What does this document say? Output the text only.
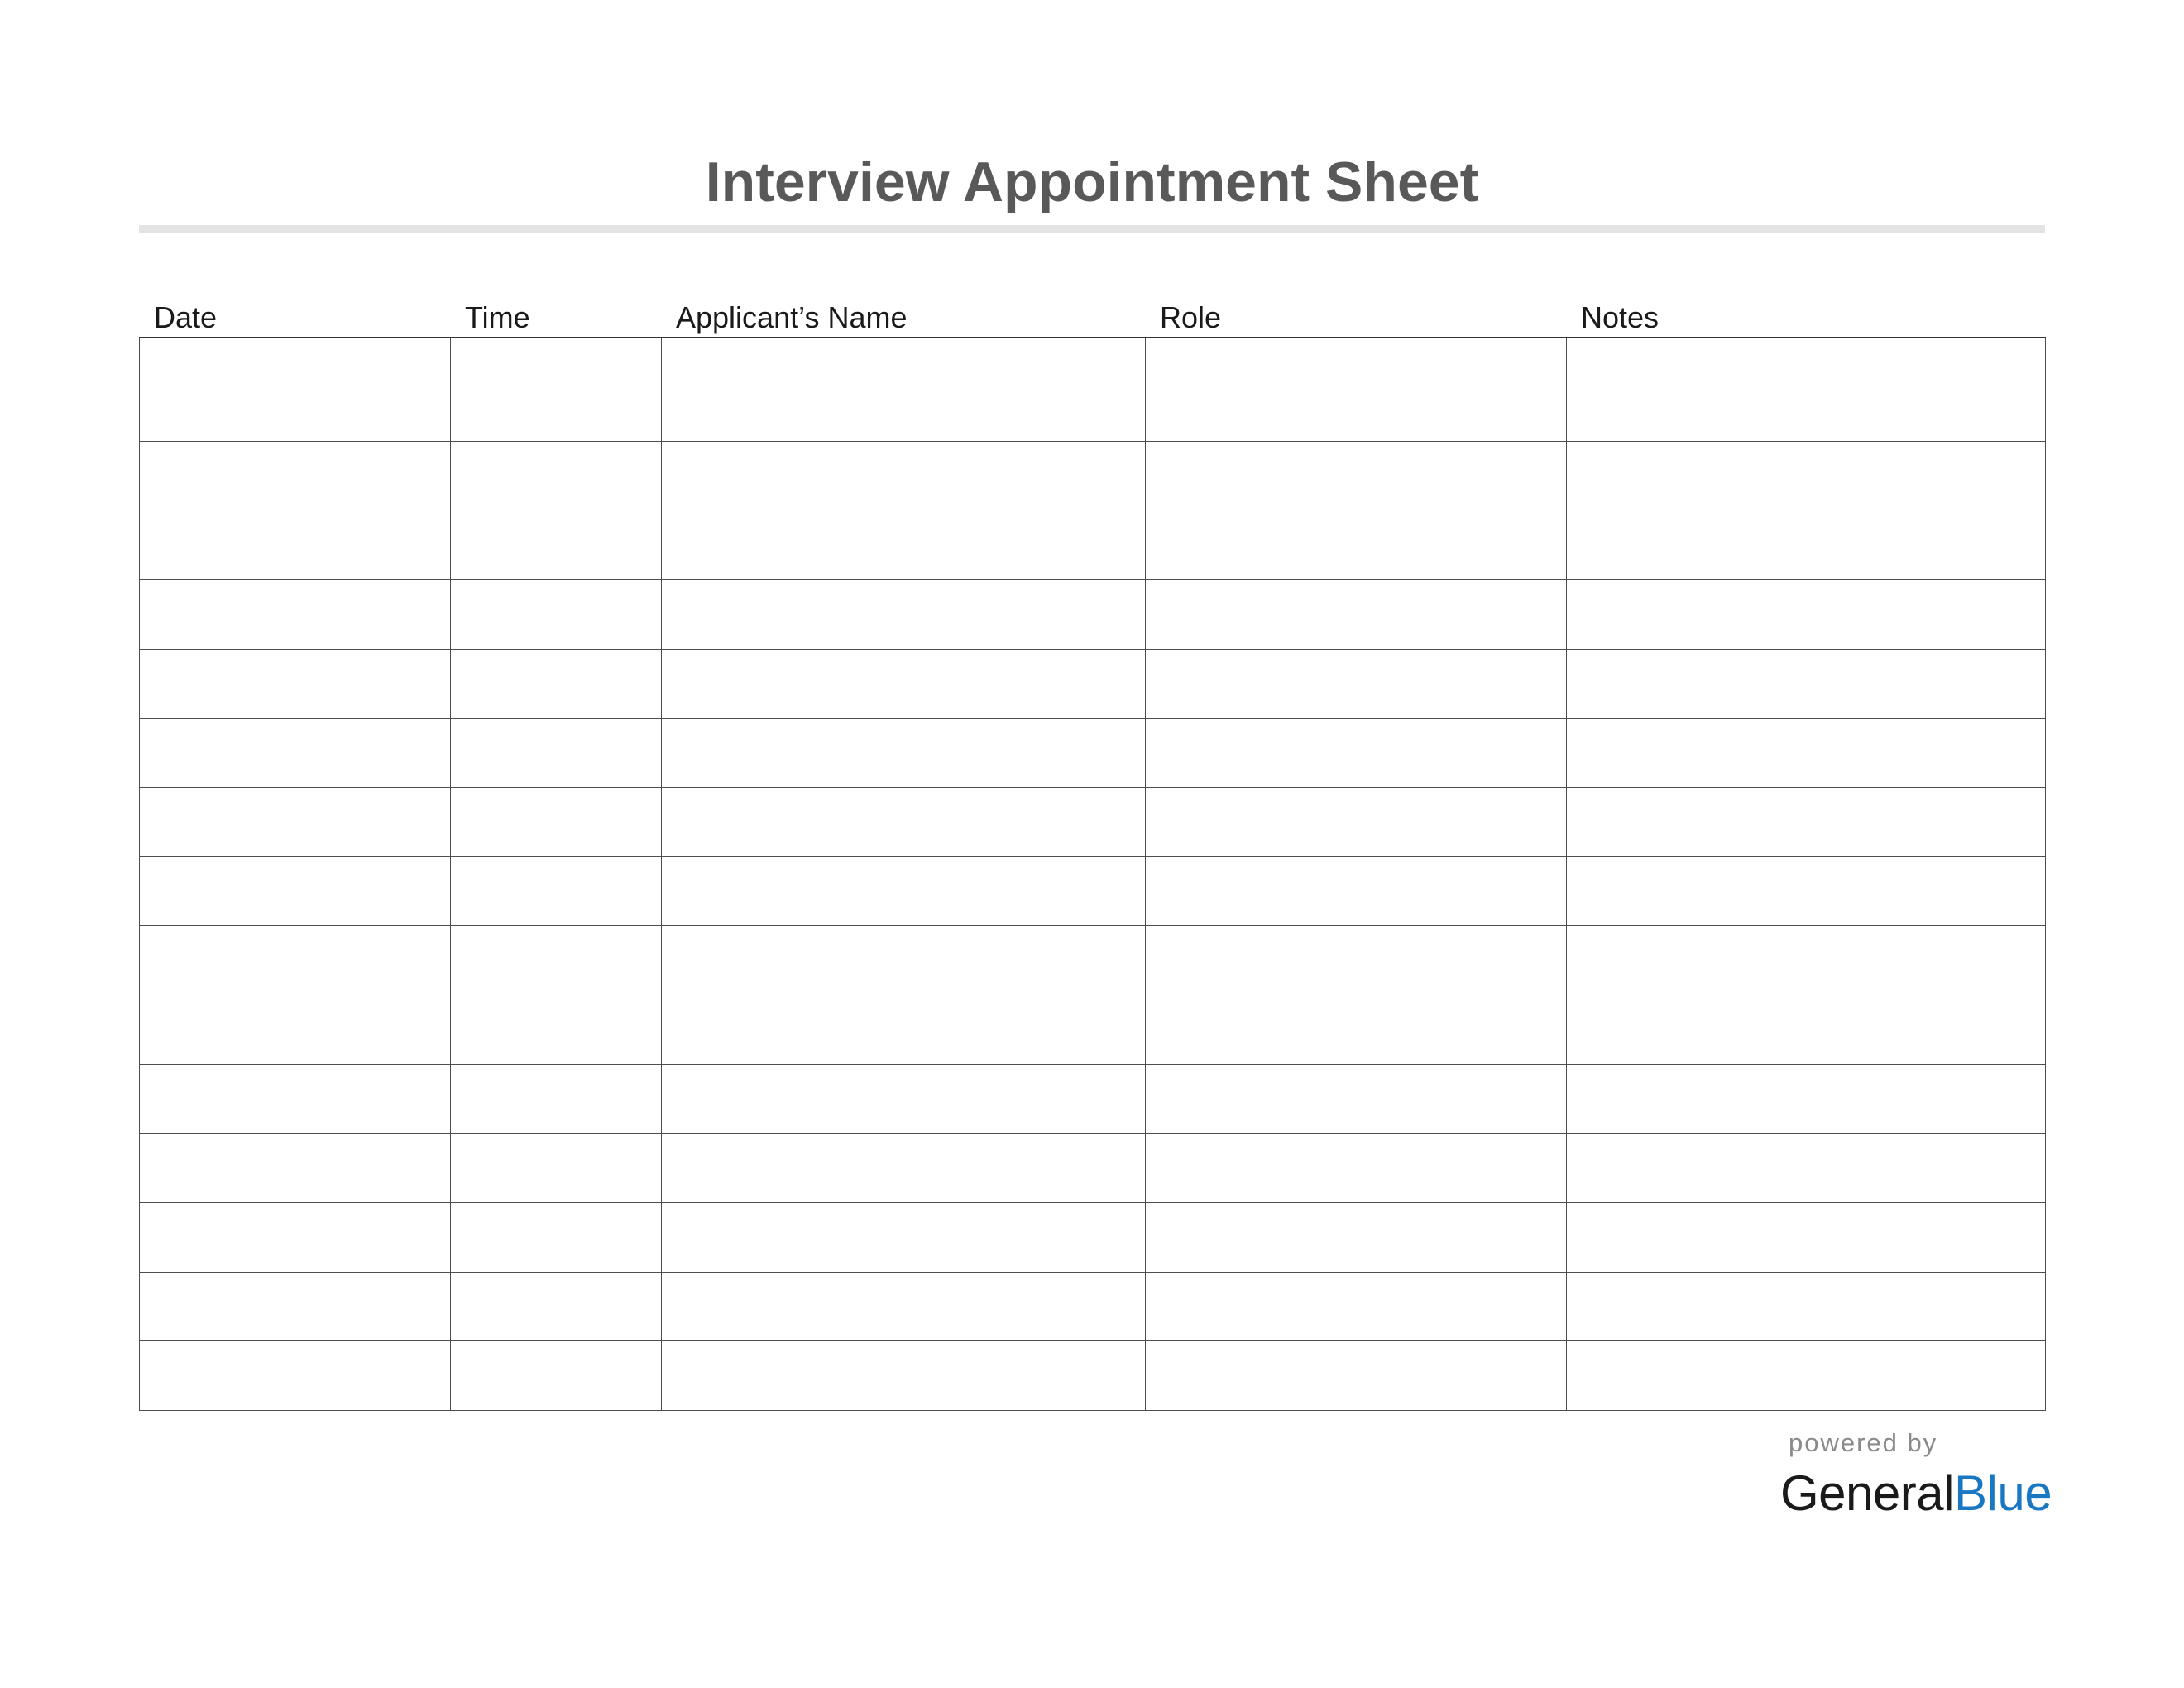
Interview Appointment Sheet
Date	Time	Applicant’s Name	Role	Notes

powered by
GeneralBlue
